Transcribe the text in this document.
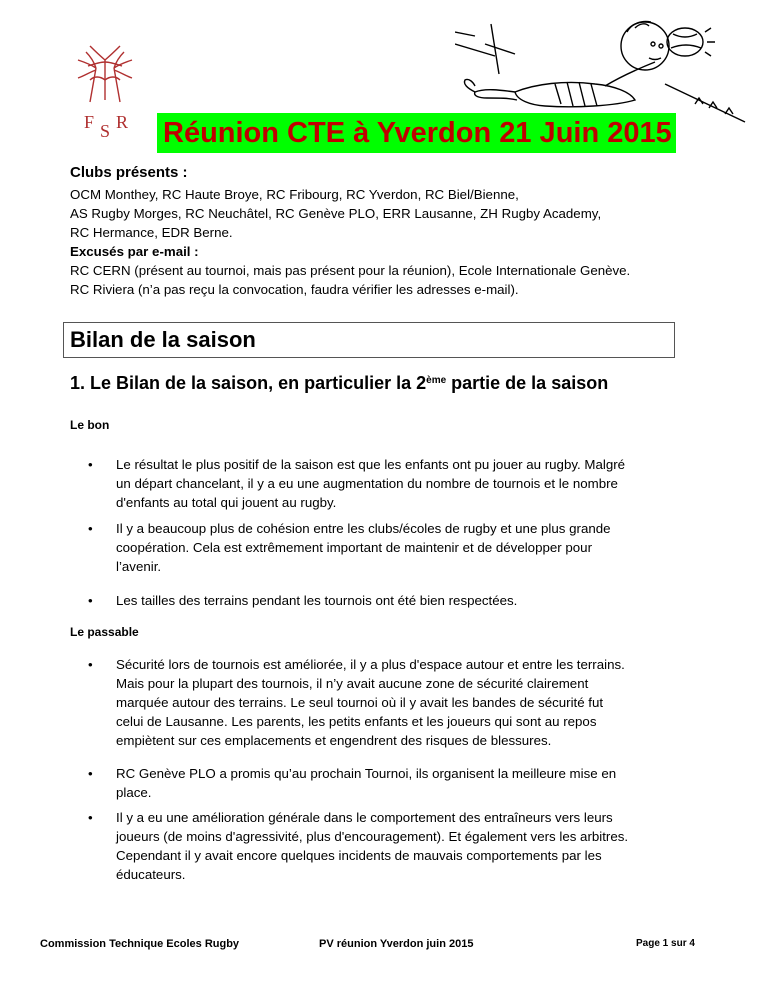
F S R Réunion CTE à Yverdon 21 Juin 2015
Clubs présents :
OCM Monthey, RC Haute Broye, RC Fribourg, RC Yverdon, RC Biel/Bienne,
AS Rugby Morges, RC Neuchâtel, RC Genève PLO, ERR Lausanne, ZH Rugby Academy,
RC Hermance, EDR Berne.
Excusés par e-mail :
RC CERN (présent au tournoi, mais pas présent pour la réunion), Ecole Internationale Genève.
RC Riviera (n’a pas reçu la convocation, faudra vérifier les adresses e-mail).
Bilan de la saison
1. Le Bilan de la saison, en particulier la 2ème partie de la saison
Le bon
• Le résultat le plus positif de la saison est que les enfants ont pu jouer au rugby. Malgré
un départ chancelant, il y a eu une augmentation du nombre de tournois et le nombre
d'enfants au total qui jouent au rugby.
• Il y a beaucoup plus de cohésion entre les clubs/écoles de rugby et une plus grande
coopération. Cela est extrêmement important de maintenir et de développer pour
l’avenir.
• Les tailles des terrains pendant les tournois ont été bien respectées.
Le passable
• Sécurité lors de tournois est améliorée, il y a plus d'espace autour et entre les terrains.
Mais pour la plupart des tournois, il n’y avait aucune zone de sécurité clairement
marquée autour des terrains. Le seul tournoi où il y avait les bandes de sécurité fut
celui de Lausanne. Les parents, les petits enfants et les joueurs qui sont au repos
empiètent sur ces emplacements et engendrent des risques de blessures.
• RC Genève PLO a promis qu’au prochain Tournoi, ils organisent la meilleure mise en
place.
• Il y a eu une amélioration générale dans le comportement des entraîneurs vers leurs
joueurs (de moins d'agressivité, plus d'encouragement). Et également vers les arbitres.
Cependant il y avait encore quelques incidents de mauvais comportements par les
éducateurs.
Commission Technique Ecoles Rugby	PV réunion Yverdon juin 2015	Page 1 sur 4
